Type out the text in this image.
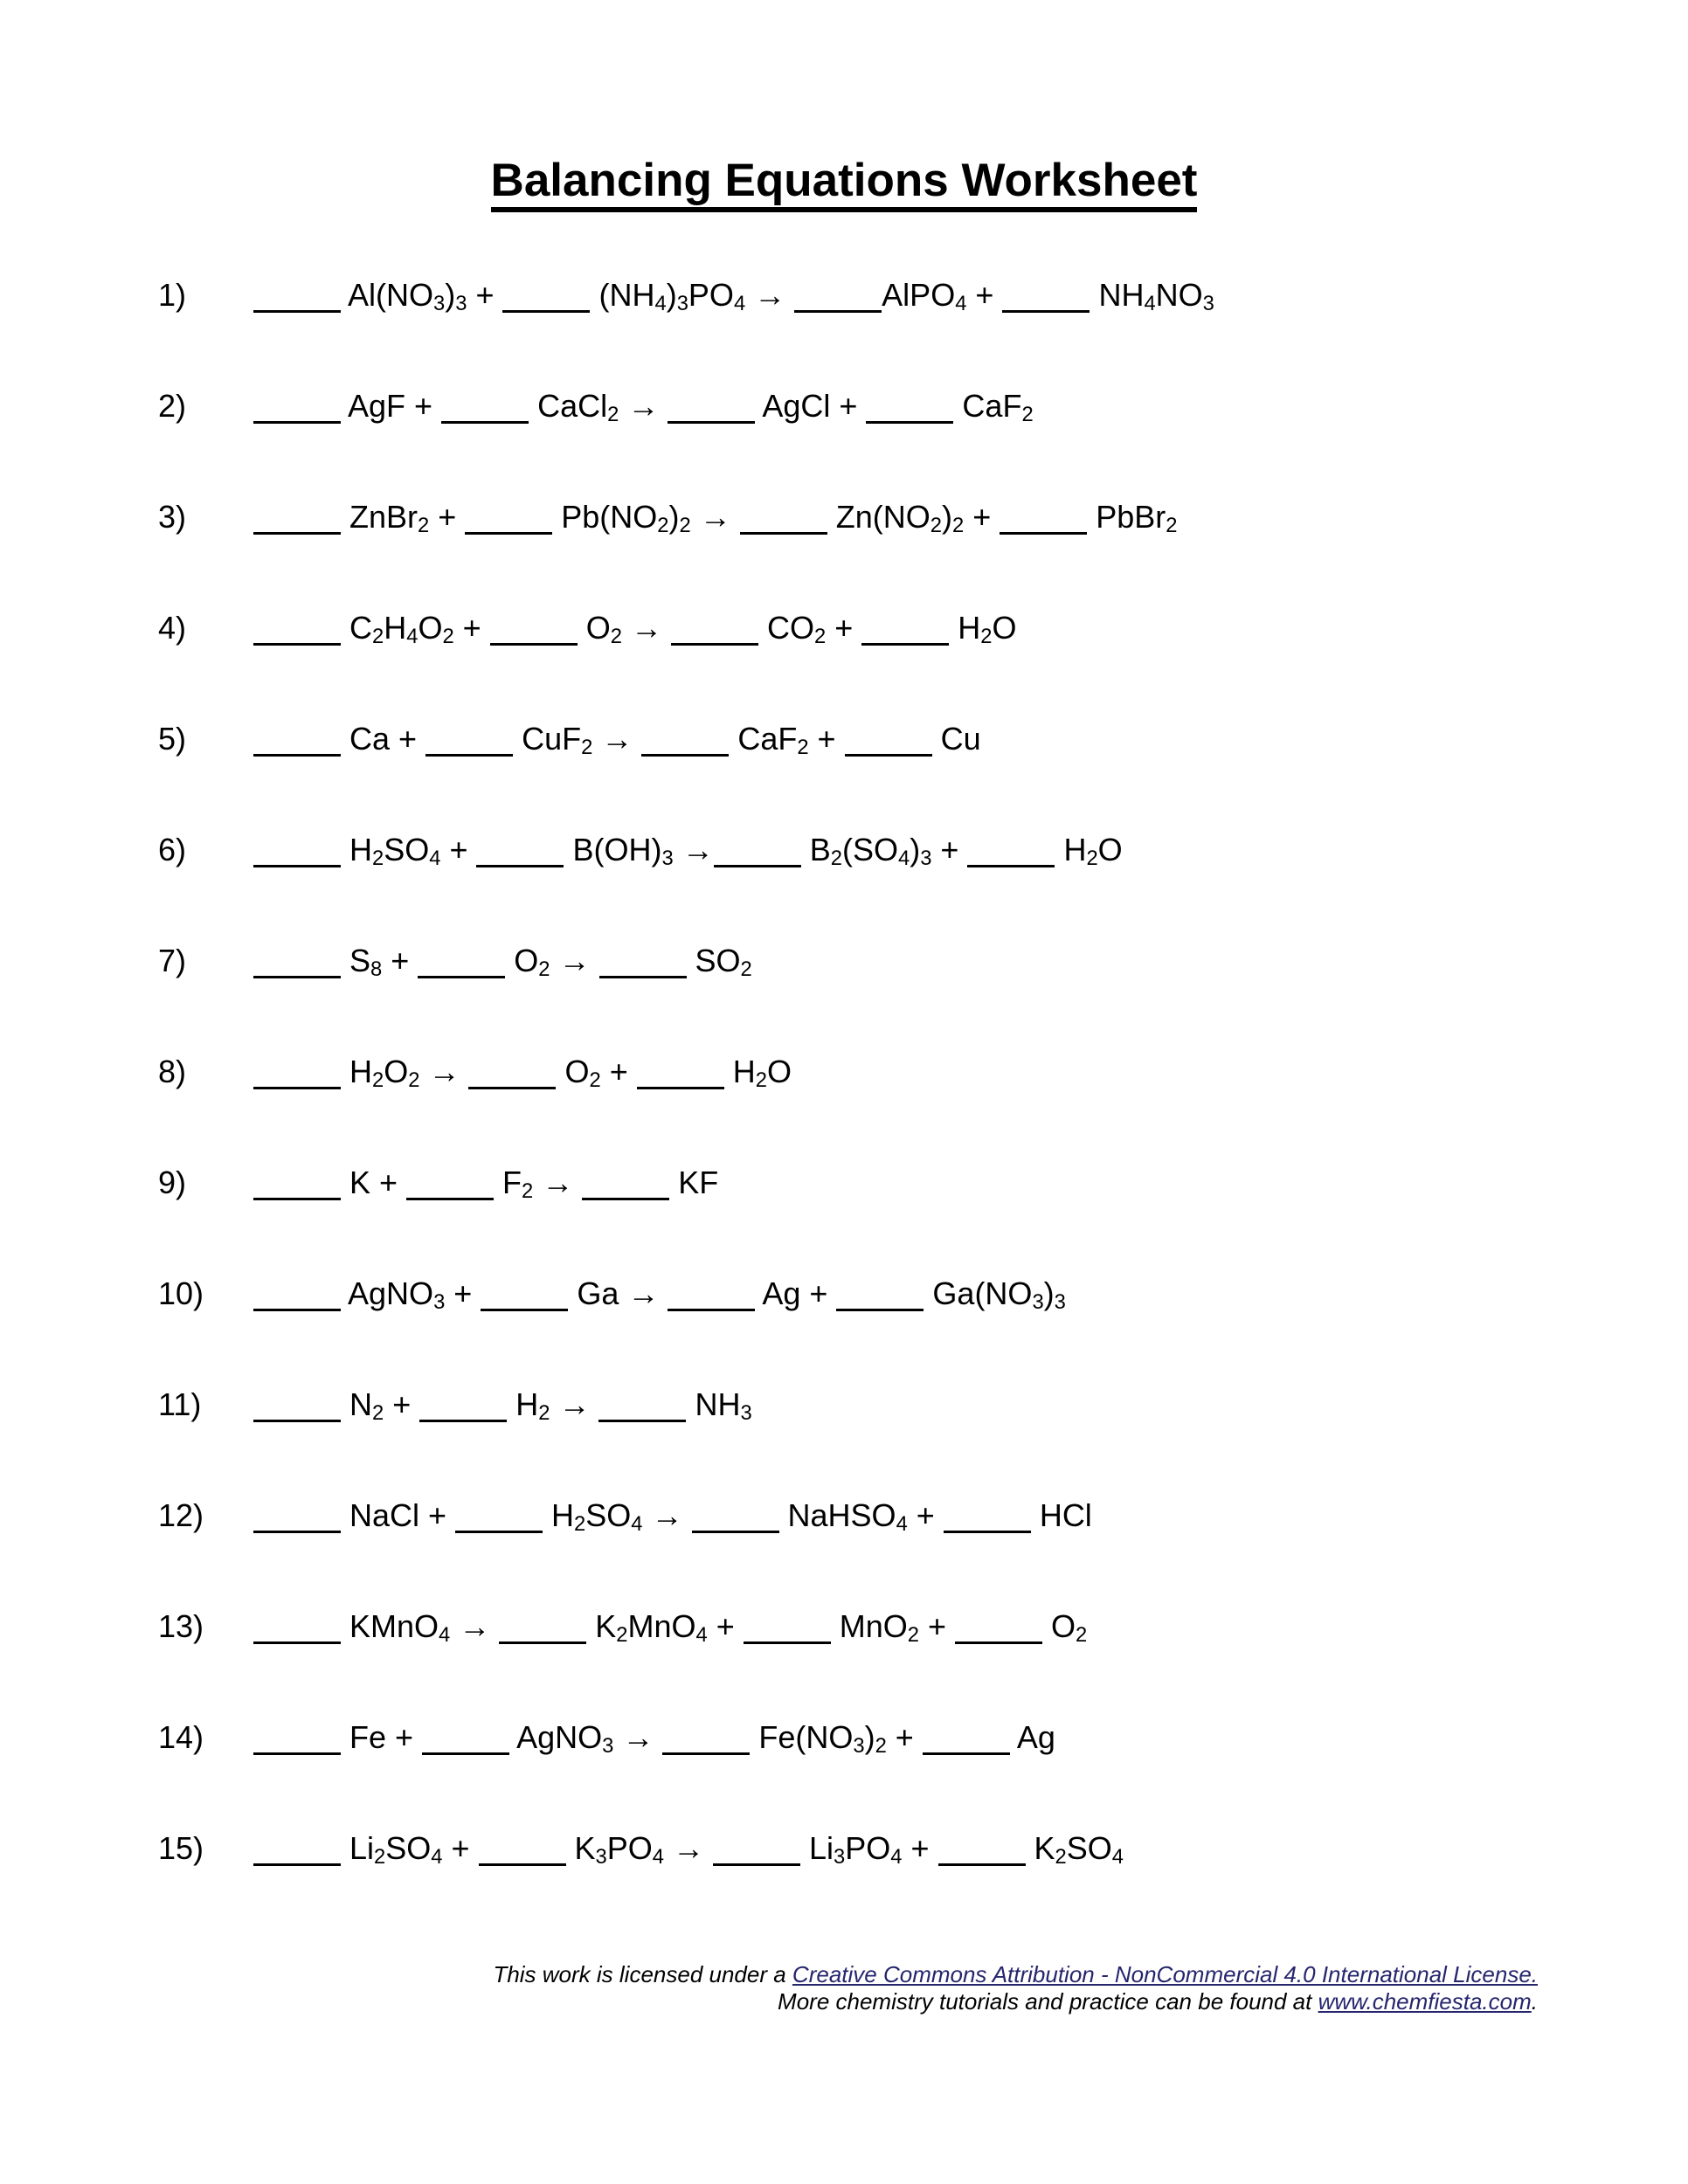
Balancing Equations Worksheet
1)	$Al(NO_3)_3$ +	$(NH_4)_3PO_4$ →	AlPO$_4$ +	$NH_4NO_3$
2)	AgF +	CaCl$_2$ →	AgCl +	CaF$_2$
3)	ZnBr$_2$ +	$Pb(NO_2)_2$ →	$Zn(NO_2)_2$ +	PbBr$_2$
4)	$C_2H_4O_2$ +	$O_2$ →	$CO_2$ +	$H_2O$
5)	Ca +	CuF$_2$ →	CaF$_2$ +	Cu
6)	$H_2SO_4$ +	$B(OH)_3$ →	$B_2(SO_4)_3$ +	$H_2O$
7)	$S_8$ +	$O_2$ →	$SO_2$
8)	$H_2O_2$ →	$O_2$ +	$H_2O$
9)	K +	$F_2$ →	KF
10)	AgNO$_3$ +	Ga →	Ag +	$Ga(NO_3)_3$
11)	$N_2$ +	$H_2$ →	$NH_3$
12)	NaCl +	$H_2SO_4$ →	NaHSO$_4$ +	HCl
13)	KMnO$_4$ →	$K_2MnO_4$ +	MnO$_2$ +	$O_2$
14)	Fe +	AgNO$_3$ →	$Fe(NO_3)_2$ +	Ag
15)	$Li_2SO_4$ +	$K_3PO_4$ →	$Li_3PO_4$ +	$K_2SO_4$
This work is licensed under a Creative Commons Attribution - NonCommercial 4.0 International License.
More chemistry tutorials and practice can be found at www.chemfiesta.com.
